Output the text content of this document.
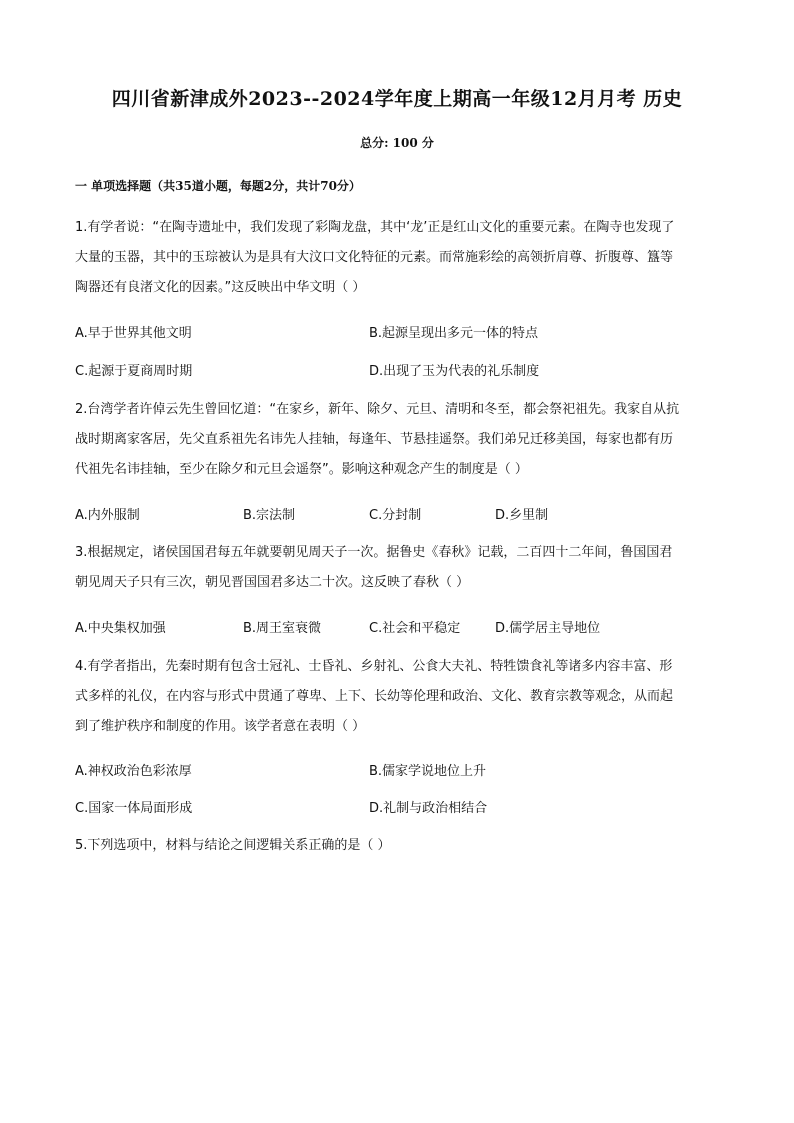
四川省新津成外2023--2024学年度上期高一年级12月月考 历史
总分: 100 分
一 单项选择题（共35道小题，每题2分，共计70分）
1.有学者说：“在陶寺遗址中，我们发现了彩陶龙盘，其中‘龙’正是红山文化的重要元素。在陶寺也发现了
大量的玉器，其中的玉琮被认为是具有大汶口文化特征的元素。而常施彩绘的高领折肩尊、折腹尊、簋等
陶器还有良渚文化的因素。”这反映出中华文明（ ）
A.早于世界其他文明	B.起源呈现出多元一体的特点
C.起源于夏商周时期	D.出现了玉为代表的礼乐制度
2.台湾学者许倬云先生曾回忆道：“在家乡，新年、除夕、元旦、清明和冬至，都会祭祀祖先。我家自从抗
战时期离家客居，先父直系祖先名讳先人挂轴，每逢年、节悬挂遥祭。我们弟兄迁移美国，每家也都有历
代祖先名讳挂轴，至少在除夕和元旦会遥祭”。影响这种观念产生的制度是（ ）
A.内外服制	B.宗法制	C.分封制	D.乡里制
3.根据规定，诸侯国国君每五年就要朝见周天子一次。据鲁史《春秋》记载，二百四十二年间，鲁国国君
朝见周天子只有三次，朝见晋国国君多达二十次。这反映了春秋（ ）
A.中央集权加强	B.周王室衰微	C.社会和平稳定	D.儒学居主导地位
4.有学者指出，先秦时期有包含士冠礼、士昏礼、乡射礼、公食大夫礼、特牲馈食礼等诸多内容丰富、形
式多样的礼仪，在内容与形式中贯通了尊卑、上下、长幼等伦理和政治、文化、教育宗教等观念，从而起
到了维护秩序和制度的作用。该学者意在表明（ ）
A.神权政治色彩浓厚	B.儒家学说地位上升
C.国家一体局面形成	D.礼制与政治相结合
5.下列选项中，材料与结论之间逻辑关系正确的是（ ）
